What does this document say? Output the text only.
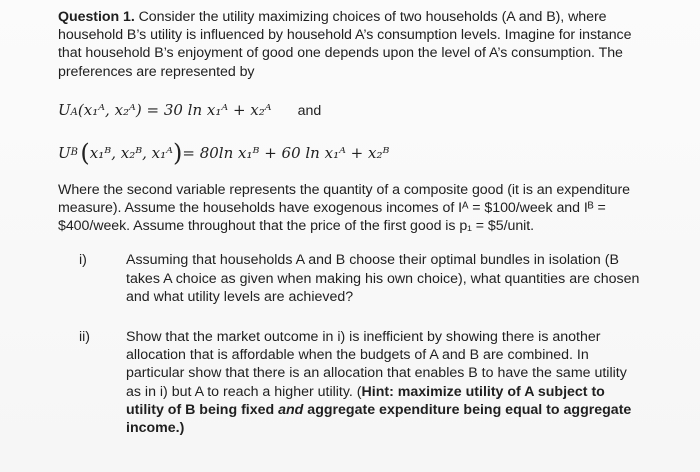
Question 1. Consider the utility maximizing choices of two households (A and B), where household B’s utility is influenced by household A’s consumption levels. Imagine for instance that household B’s enjoyment of good one depends upon the level of A’s consumption. The preferences are represented by

U A (x₁ᴬ, x₂ᴬ) = 30 ln x₁ᴬ + x₂ᴬ and
U B  ( x₁ᴮ, x₂ᴮ, x₁ᴬ ) = 80ln x₁ᴮ + 60 ln x₁ᴬ + x₂ᴮ

Where the second variable represents the quantity of a composite good (it is an expenditure measure). Assume the households have exogenous incomes of Iᴬ = $100/week and Iᴮ = $400/week. Assume throughout that the price of the first good is p₁ = $5/unit.

i)	Assuming that households A and B choose their optimal bundles in isolation (B takes A choice as given when making his own choice), what quantities are chosen and what utility levels are achieved?
ii)	Show that the market outcome in i) is inefficient by showing there is another allocation that is affordable when the budgets of A and B are combined. In particular show that there is an allocation that enables B to have the same utility as in i) but A to reach a higher utility. (Hint: maximize utility of A subject to utility of B being fixed and aggregate expenditure being equal to aggregate income.)
